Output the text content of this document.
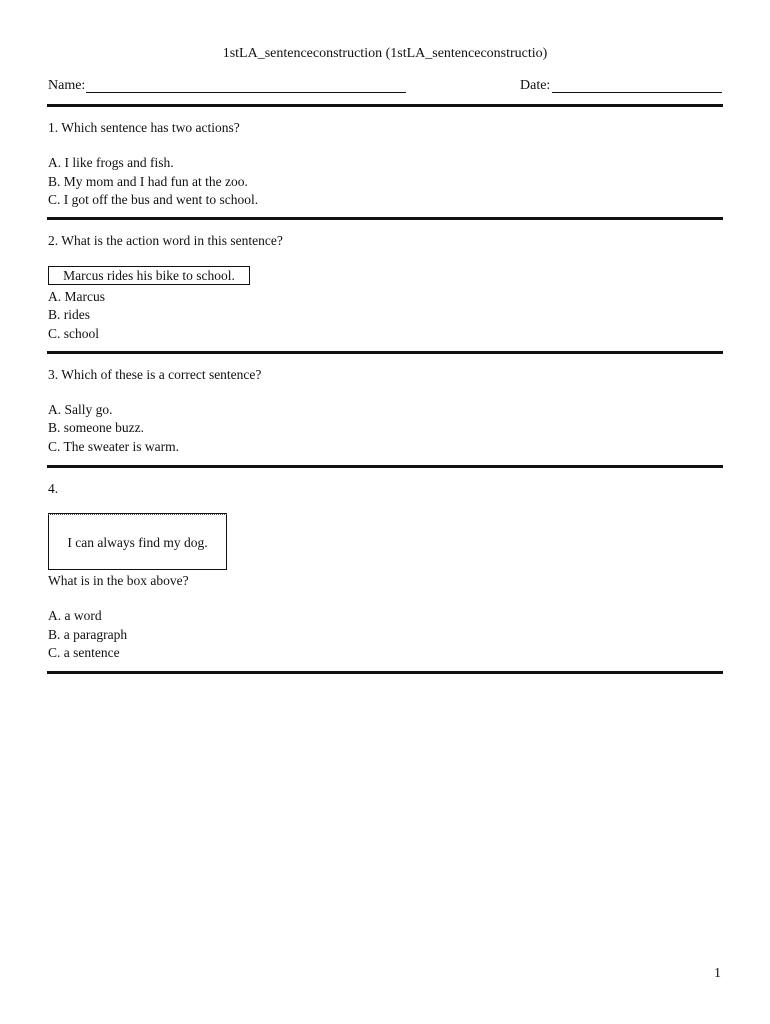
1stLA_sentenceconstruction (1stLA_sentenceconstructio)
Name:	Date:
1. Which sentence has two actions?
A. I like frogs and fish.
B. My mom and I had fun at the zoo.
C. I got off the bus and went to school.
2. What is the action word in this sentence?
Marcus rides his bike to school.
A. Marcus
B. rides
C. school
3. Which of these is a correct sentence?
A. Sally go.
B. someone buzz.
C. The sweater is warm.
4.
I can always find my dog.
What is in the box above?
A. a word
B. a paragraph
C. a sentence
1
